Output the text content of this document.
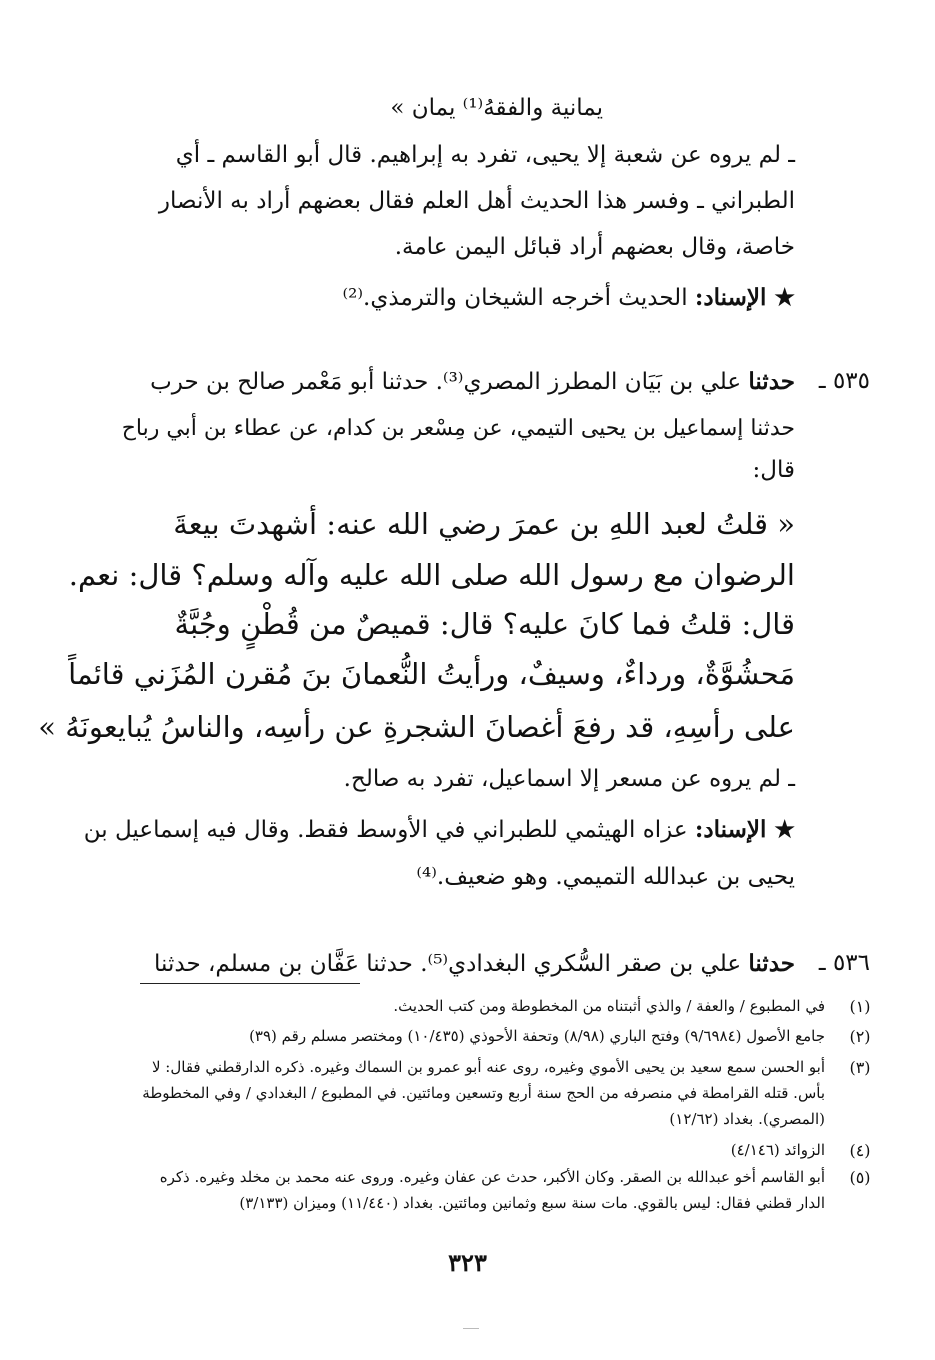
يمانية والفقهُ⁽¹⁾ يمان »
ـ لم يروه عن شعبة إلا يحيى، تفرد به إبراهيم. قال أبو القاسم ـ أي
الطبراني ـ وفسر هذا الحديث أهل العلم فقال بعضهم أراد به الأنصار
خاصة، وقال بعضهم أراد قبائل اليمن عامة.
★ الإسناد: الحديث أخرجه الشيخان والترمذي.⁽²⁾
٥٣٥ ـ
حدثنا علي بن بَيَان المطرز المصري⁽³⁾. حدثنا أبو مَعْمر صالح بن حرب
حدثنا إسماعيل بن يحيى التيمي، عن مِسْعر بن كدام، عن عطاء بن أبي رباح
قال:
« قلتُ لعبد اللهِ بن عمرَ رضي الله عنه: أشهدتَ بيعةَ
الرضوان مع رسول الله صلى الله عليه وآله وسلم؟ قال: نعم.
قال: قلتُ فما كانَ عليه؟ قال: قميصٌ من قُطْنٍ وجُبَّةٌ
مَحشُوَّةٌ، ورداءٌ، وسيفٌ، ورأيتُ النُّعمانَ بنَ مُقرن المُزَني قائماً
على رأسِهِ، قد رفعَ أغصانَ الشجرةِ عن رأسِه، والناسُ يُبايعونَهُ »
ـ لم يروه عن مسعر إلا اسماعيل، تفرد به صالح.
★ الإسناد: عزاه الهيثمي للطبراني في الأوسط فقط. وقال فيه إسماعيل بن
يحيى بن عبدالله التميمي. وهو ضعيف.⁽⁴⁾
٥٣٦ ـ
حدثنا علي بن صقر السُّكري البغدادي⁽⁵⁾. حدثنا عَفَّان بن مسلم، حدثنا
(١)
في المطبوع / والعفة / والذي أثبتناه من المخطوطة ومن كتب الحديث.
(٢)
جامع الأصول (٩/٦٩٨٤) وفتح الباري (٨/٩٨) وتحفة الأحوذي (١٠/٤٣٥) ومختصر مسلم رقم (٣٩)
(٣)
أبو الحسن سمع سعيد بن يحيى الأموي وغيره، روى عنه أبو عمرو بن السماك وغيره. ذكره الدارقطني فقال: لا
بأس. قتله القرامطة في منصرفه من الحج سنة أربع وتسعين ومائتين. في المطبوع / البغدادي / وفي المخطوطة
(المصري). بغداد (١٢/٦٢)
(٤)
الزوائد (٤/١٤٦)
(٥)
أبو القاسم أخو عبدالله بن الصقر. وكان الأكبر، حدث عن عفان وغيره. وروى عنه محمد بن مخلد وغيره. ذكره
الدار قطني فقال: ليس بالقوي. مات سنة سبع وثمانين ومائتين. بغداد (١١/٤٤٠) وميزان (٣/١٣٣)
٣٢٣
